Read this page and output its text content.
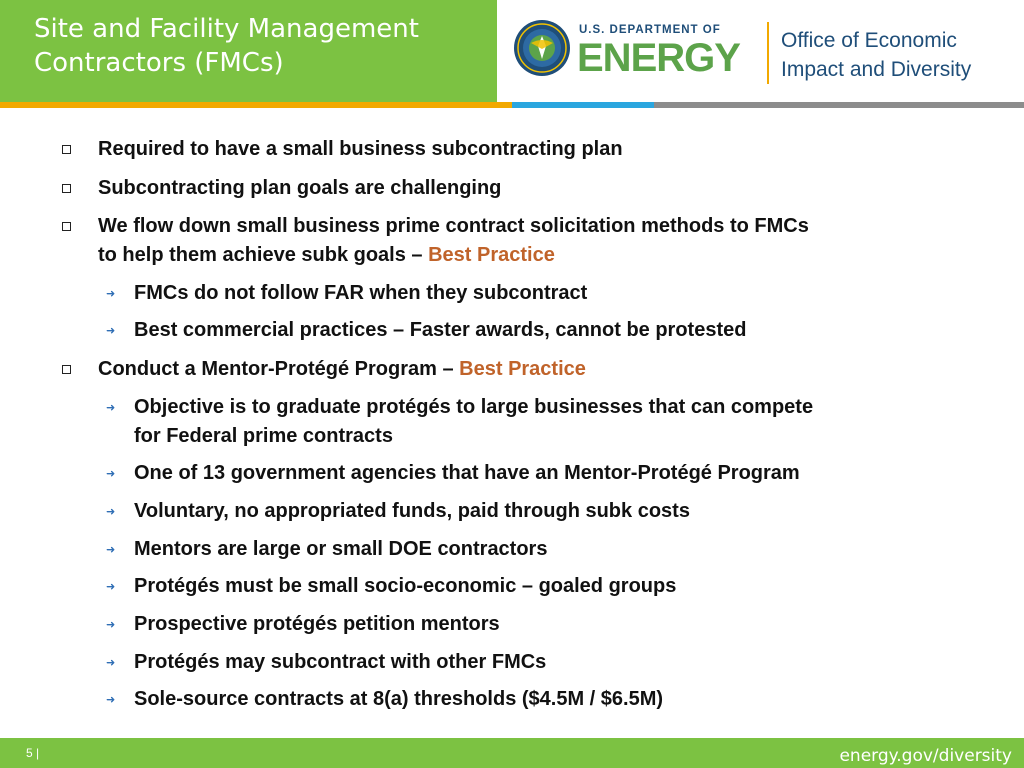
Site and Facility Management
Contractors (FMCs)
U.S. DEPARTMENT OF
ENERGY Office of Economic
Impact and Diversity
Required to have a small business subcontracting plan
Subcontracting plan goals are challenging
We flow down small business prime contract solicitation methods to FMCs
to help them achieve subk goals – Best Practice
➜ FMCs do not follow FAR when they subcontract
➜ Best commercial practices – Faster awards, cannot be protested
Conduct a Mentor-Protégé Program – Best Practice
➜ Objective is to graduate protégés to large businesses that can compete
for Federal prime contracts
➜ One of 13 government agencies that have an Mentor-Protégé Program
➜ Voluntary, no appropriated funds, paid through subk costs
➜ Mentors are large or small DOE contractors
➜ Protégés must be small socio-economic – goaled groups
➜ Prospective protégés petition mentors
➜ Protégés may subcontract with other FMCs
➜ Sole-source contracts at 8(a) thresholds ($4.5M / $6.5M)
5 |	energy.gov/diversity
